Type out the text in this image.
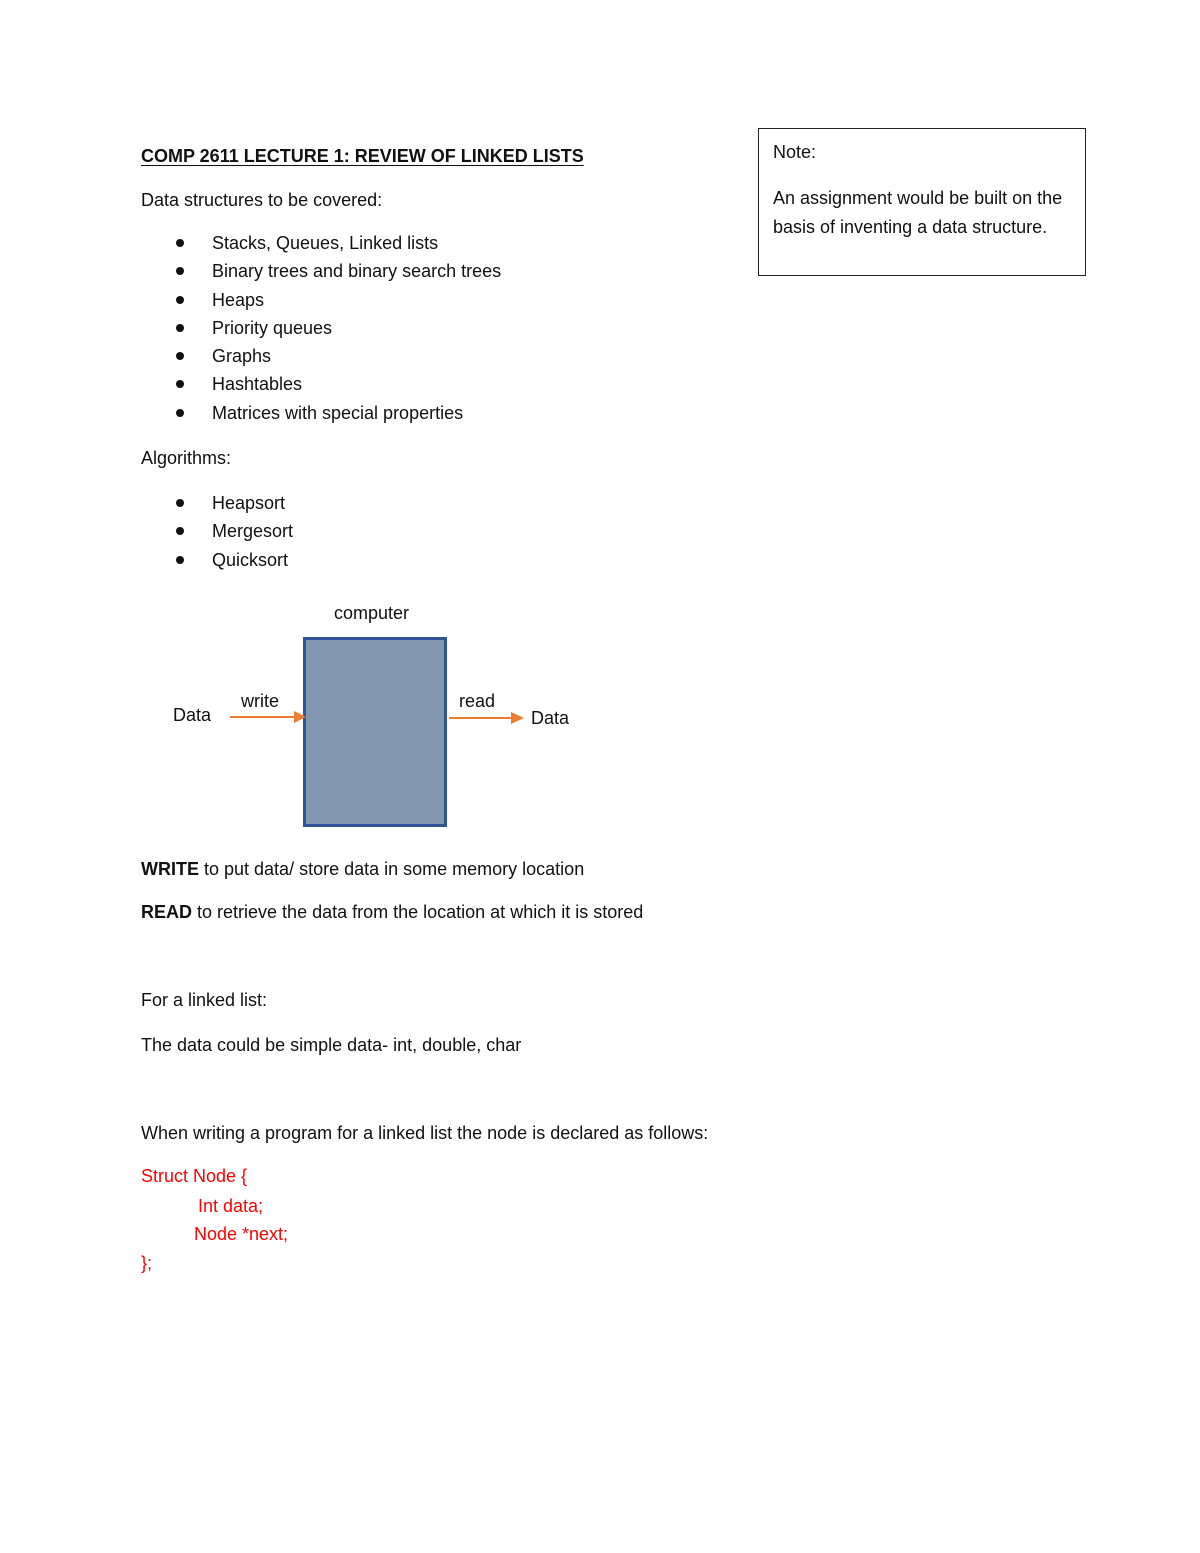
COMP 2611 LECTURE 1: REVIEW OF LINKED LISTS
Data structures to be covered:
Stacks, Queues, Linked lists
Binary trees and binary search trees
Heaps
Priority queues
Graphs
Hashtables
Matrices with special properties
Algorithms:
Heapsort
Mergesort
Quicksort
Note:
An assignment would be built on the basis of inventing a data structure.
computer
Data
write	read
Data
WRITE to put data/ store data in some memory location
READ to retrieve the data from the location at which it is stored
For a linked list:
The data could be simple data- int, double, char
When writing a program for a linked list the node is declared as follows:
Struct Node {
Int data;
Node *next;
};
